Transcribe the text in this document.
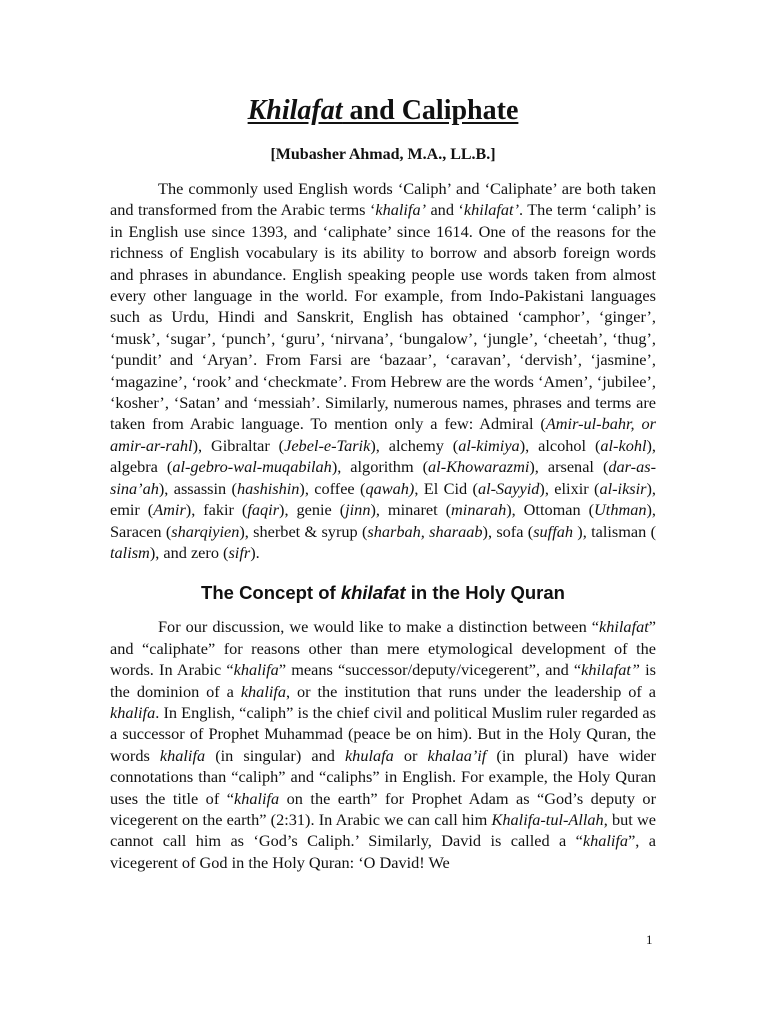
Khilafat and Caliphate
[Mubasher Ahmad, M.A., LL.B.]

The commonly used English words ‘Caliph’ and ‘Caliphate’ are both taken and transformed from the Arabic terms ‘khalifa’ and ‘khilafat’. The term ‘caliph’ is in English use since 1393, and ‘caliphate’ since 1614. One of the reasons for the richness of English vocabulary is its ability to borrow and absorb foreign words and phrases in abundance. English speaking people use words taken from almost every other language in the world. For example, from Indo-Pakistani languages such as Urdu, Hindi and Sanskrit, English has obtained ‘camphor’, ‘ginger’, ‘musk’, ‘sugar’, ‘punch’, ‘guru’, ‘nirvana’, ‘bungalow’, ‘jungle’, ‘cheetah’, ‘thug’, ‘pundit’ and ‘Aryan’. From Farsi are ‘bazaar’, ‘caravan’, ‘dervish’, ‘jasmine’, ‘magazine’, ‘rook’ and ‘checkmate’. From Hebrew are the words ‘Amen’, ‘jubilee’, ‘kosher’, ‘Satan’ and ‘messiah’. Similarly, numerous names, phrases and terms are taken from Arabic language. To mention only a few: Admiral (Amir-ul-bahr, or amir-ar-rahl), Gibraltar (Jebel-e-Tarik), alchemy (al-kimiya), alcohol (al-kohl), algebra (al-gebro-wal-muqabilah), algorithm (al-Khowarazmi), arsenal (dar-as-sina’ah), assassin (hashishin), coffee (qawah), El Cid (al-Sayyid), elixir (al-iksir), emir (Amir), fakir (faqir), genie (jinn), minaret (minarah), Ottoman (Uthman), Saracen (sharqiyien), sherbet & syrup (sharbah, sharaab), sofa (suffah ), talisman ( talism), and zero (sifr).

The Concept of khilafat in the Holy Quran

For our discussion, we would like to make a distinction between “khilafat” and “caliphate” for reasons other than mere etymological development of the words. In Arabic “khalifa” means “successor/deputy/vicegerent”, and “khilafat” is the dominion of a khalifa, or the institution that runs under the leadership of a khalifa. In English, “caliph” is the chief civil and political Muslim ruler regarded as a successor of Prophet Muhammad (peace be on him). But in the Holy Quran, the words khalifa (in singular) and khulafa or khalaa’if (in plural) have wider connotations than “caliph” and “caliphs” in English. For example, the Holy Quran uses the title of “khalifa on the earth” for Prophet Adam as “God’s deputy or vicegerent on the earth” (2:31). In Arabic we can call him Khalifa-tul-Allah, but we cannot call him as ‘God’s Caliph.’ Similarly, David is called a “khalifa”, a vicegerent of God in the Holy Quran: ‘O David! We

1
